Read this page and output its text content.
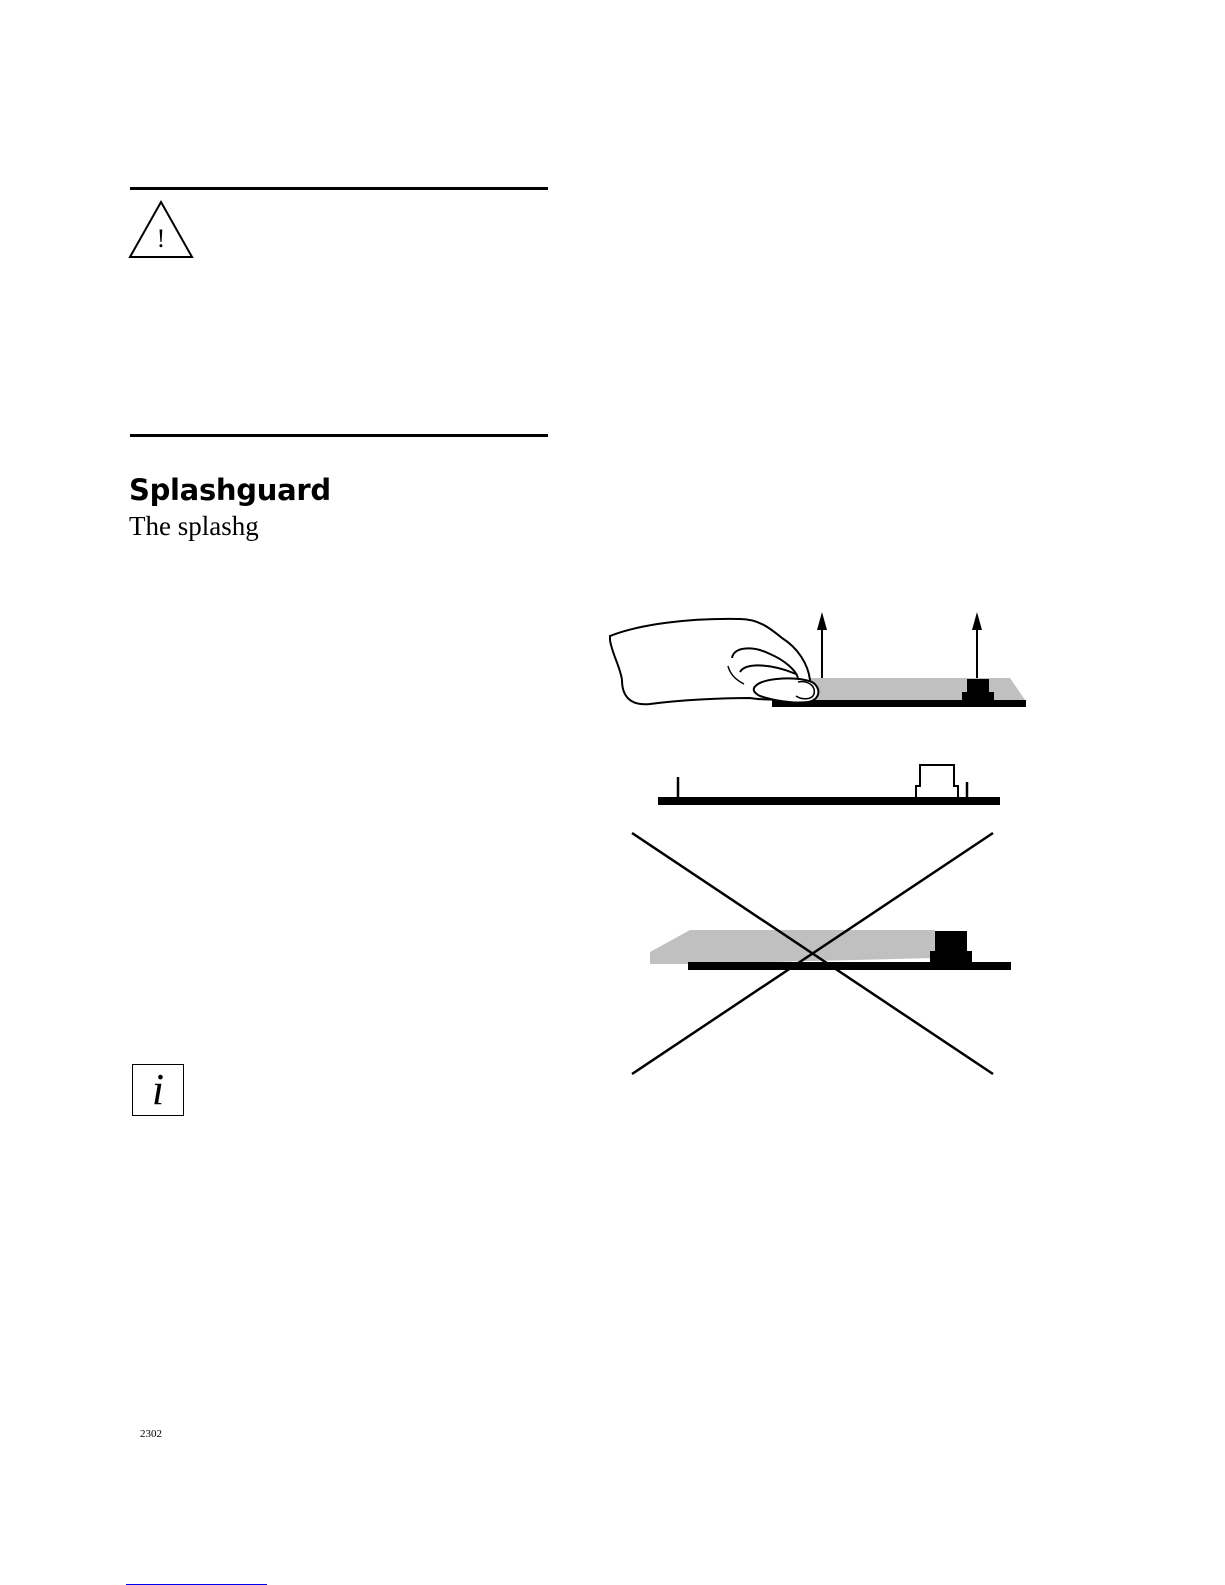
!
Splashguard

The splashg

i
2302
